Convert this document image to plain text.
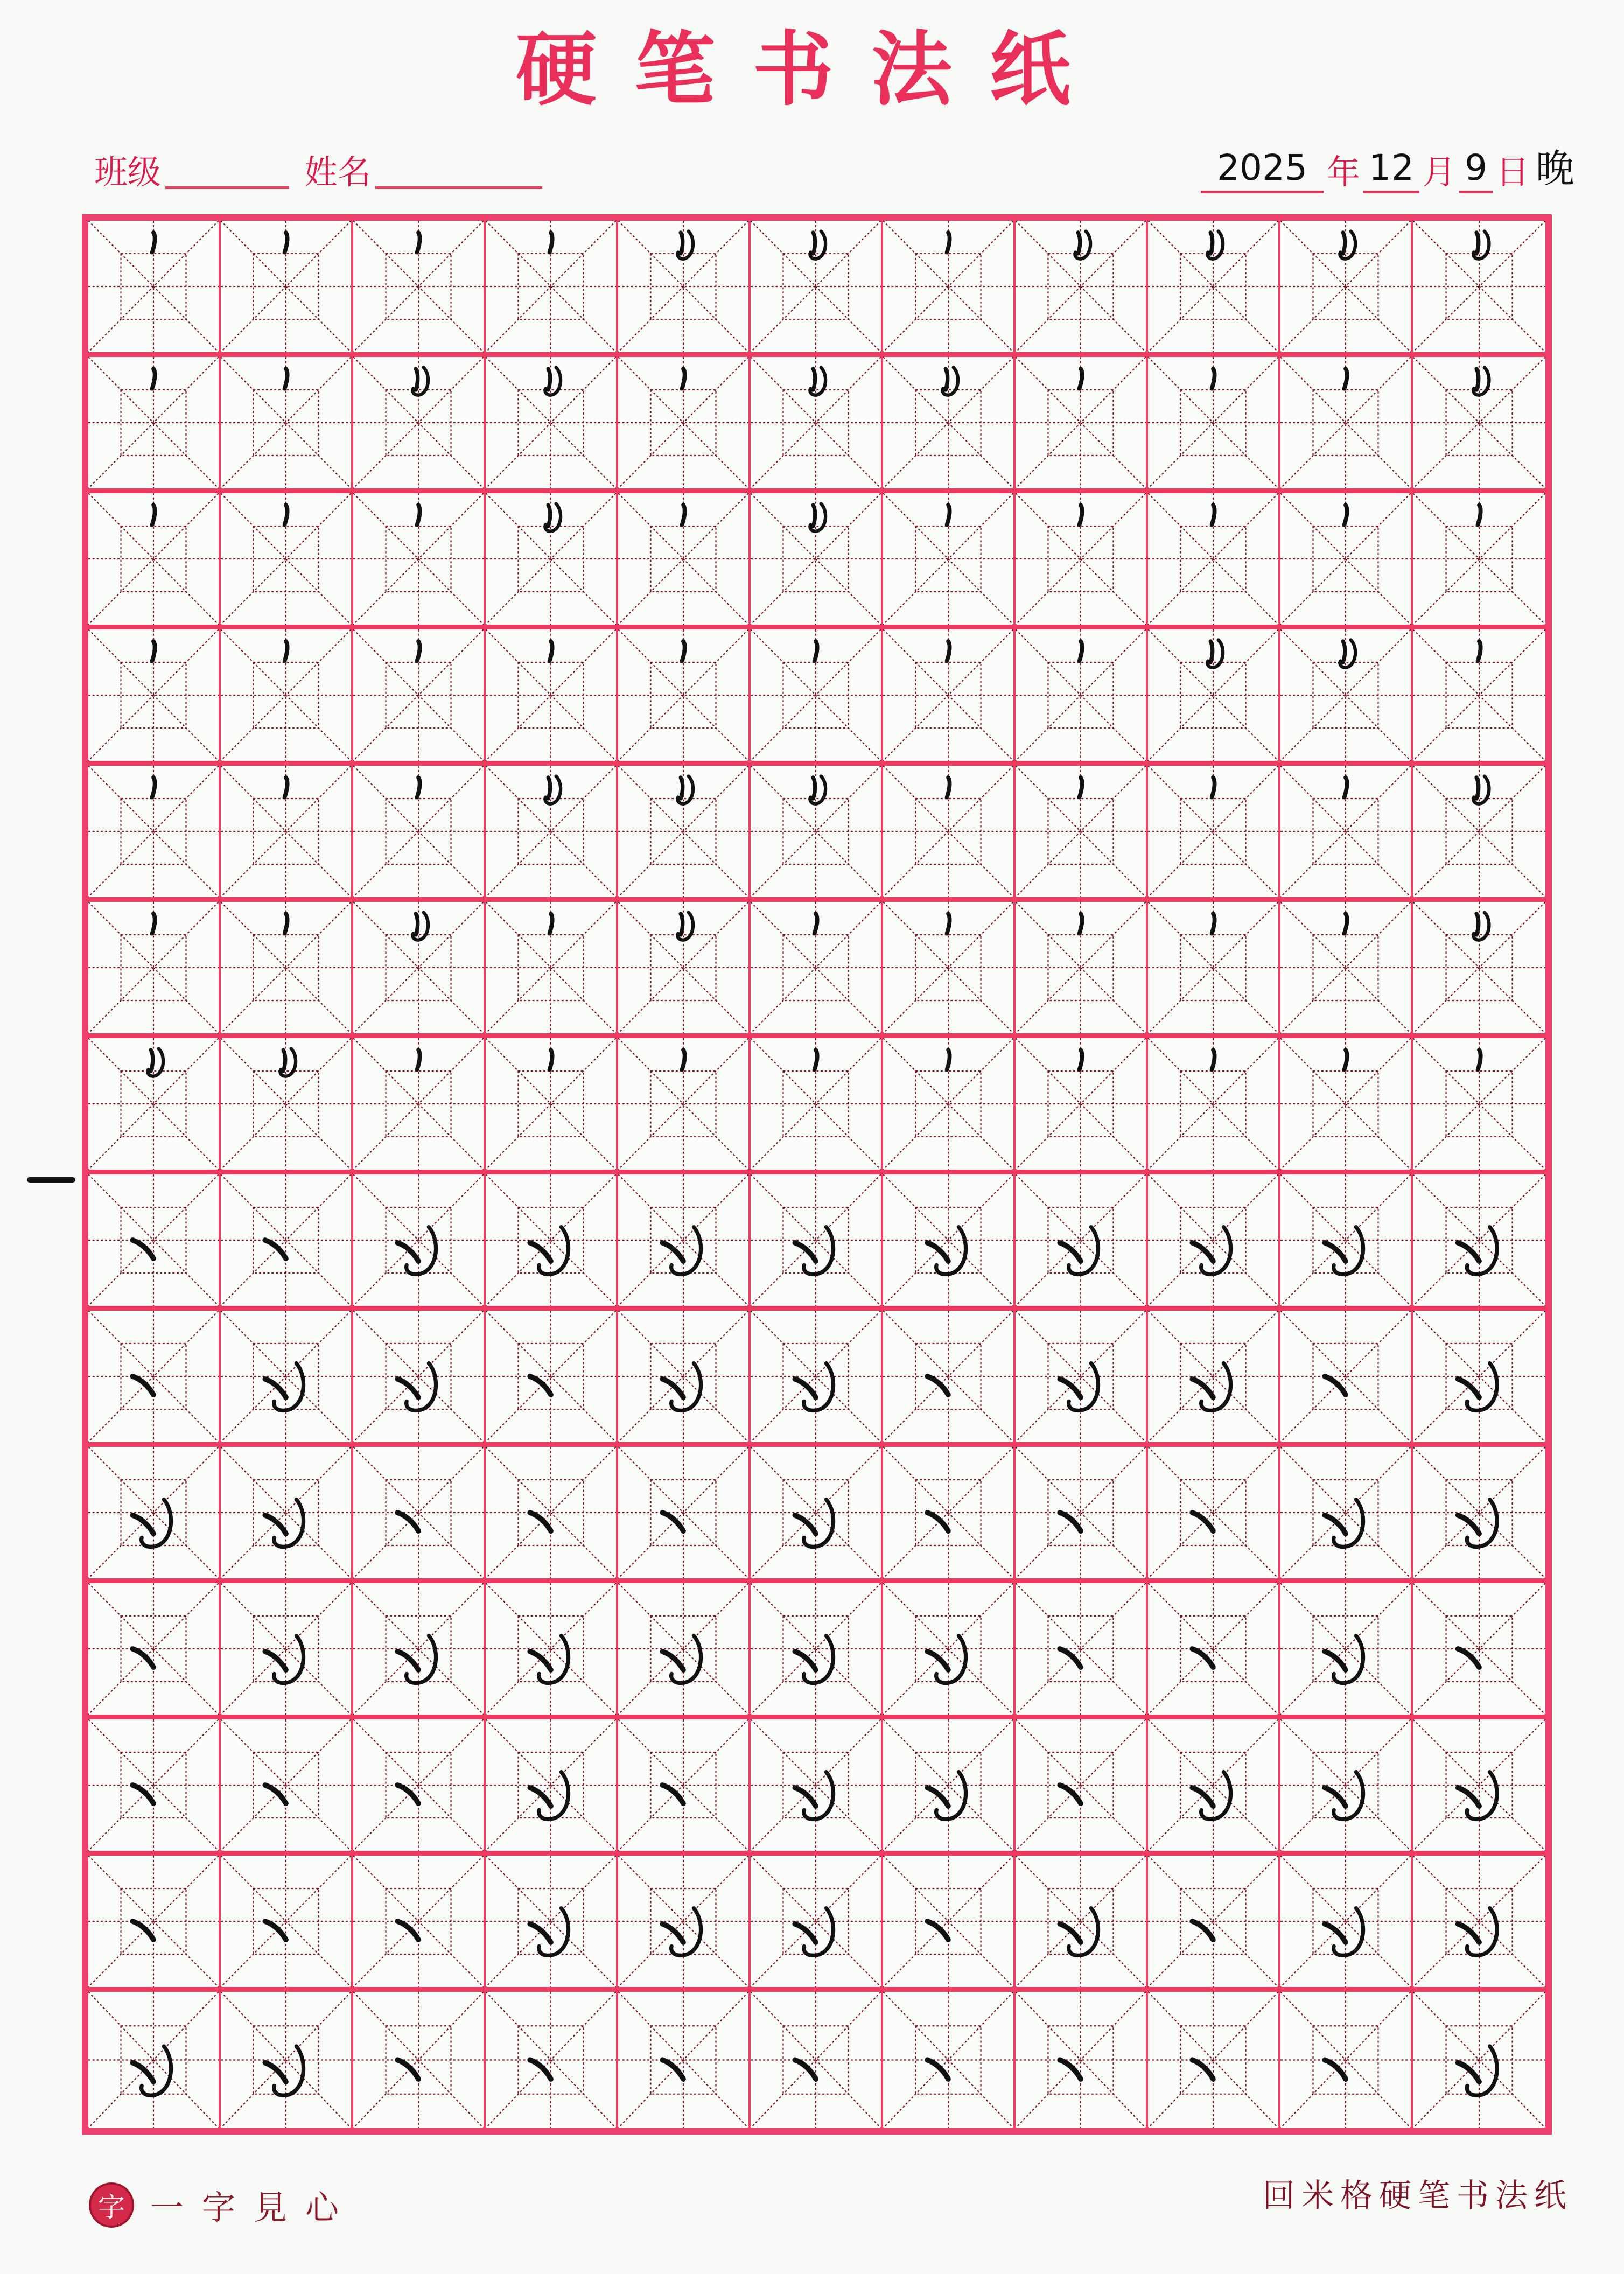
硬笔书法纸
班级	姓名	2025 年 12 月 9 日 晚
字 一字見心	回米格硬笔书法纸
